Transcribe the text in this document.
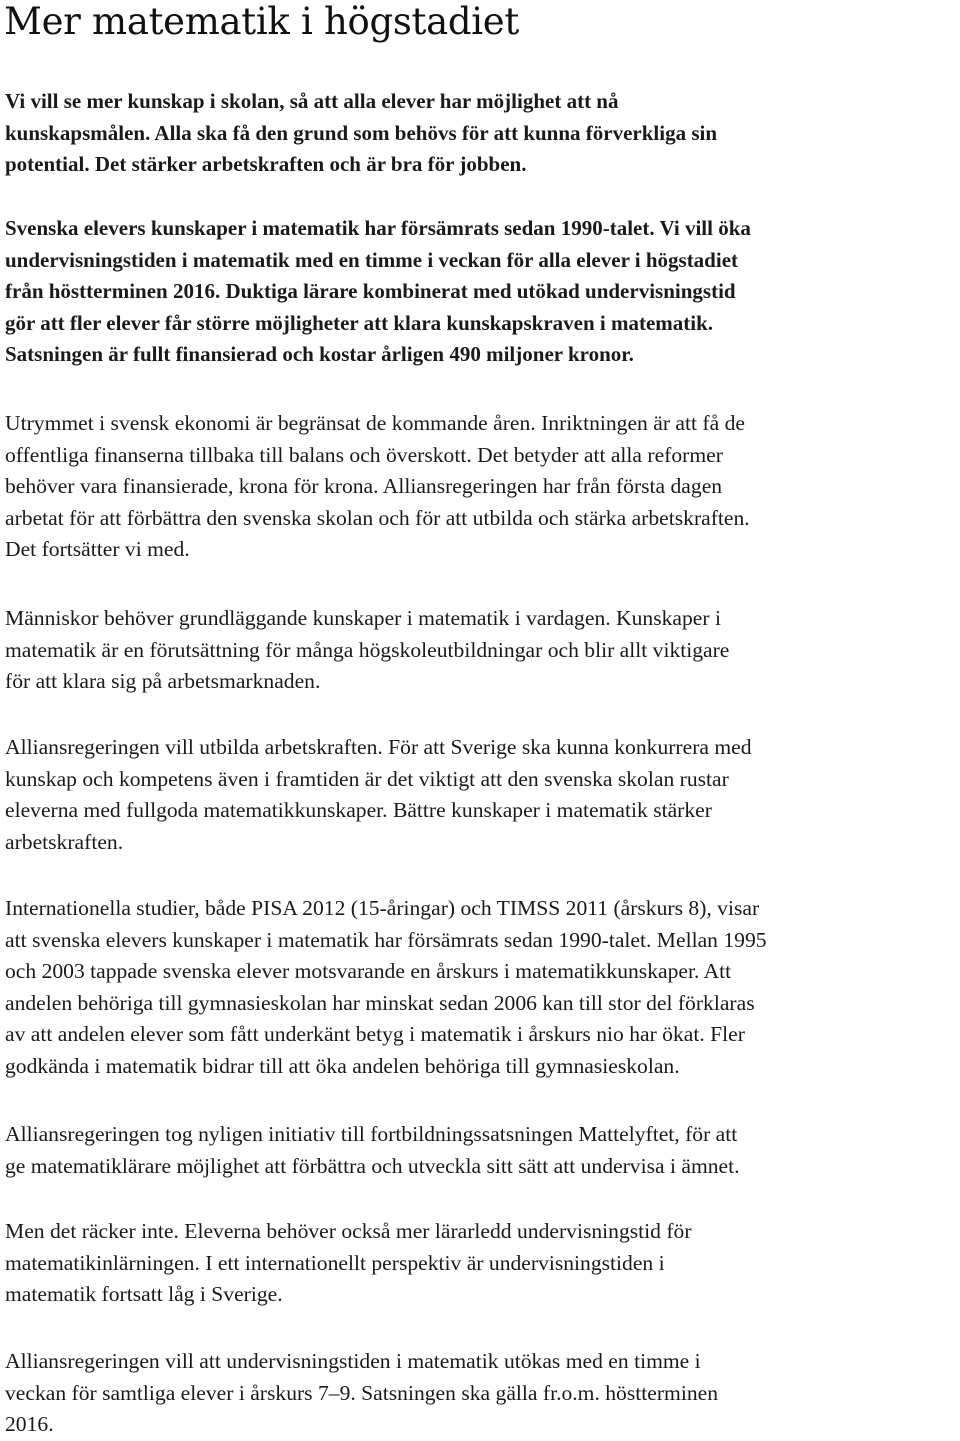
Mer matematik i högstadiet

Vi vill se mer kunskap i skolan, så att alla elever har möjlighet att nå
kunskapsmålen. Alla ska få den grund som behövs för att kunna förverkliga sin
potential. Det stärker arbetskraften och är bra för jobben.

Svenska elevers kunskaper i matematik har försämrats sedan 1990-talet. Vi vill öka
undervisningstiden i matematik med en timme i veckan för alla elever i högstadiet
från höstterminen 2016. Duktiga lärare kombinerat med utökad undervisningstid
gör att fler elever får större möjligheter att klara kunskapskraven i matematik.
Satsningen är fullt finansierad och kostar årligen 490 miljoner kronor.

Utrymmet i svensk ekonomi är begränsat de kommande åren. Inriktningen är att få de
offentliga finanserna tillbaka till balans och överskott. Det betyder att alla reformer
behöver vara finansierade, krona för krona. Alliansregeringen har från första dagen
arbetat för att förbättra den svenska skolan och för att utbilda och stärka arbetskraften.
Det fortsätter vi med.

Människor behöver grundläggande kunskaper i matematik i vardagen. Kunskaper i
matematik är en förutsättning för många högskoleutbildningar och blir allt viktigare
för att klara sig på arbetsmarknaden.

Alliansregeringen vill utbilda arbetskraften. För att Sverige ska kunna konkurrera med
kunskap och kompetens även i framtiden är det viktigt att den svenska skolan rustar
eleverna med fullgoda matematikkunskaper. Bättre kunskaper i matematik stärker
arbetskraften.

Internationella studier, både PISA 2012 (15-åringar) och TIMSS 2011 (årskurs 8), visar
att svenska elevers kunskaper i matematik har försämrats sedan 1990-talet. Mellan 1995
och 2003 tappade svenska elever motsvarande en årskurs i matematikkunskaper. Att
andelen behöriga till gymnasieskolan har minskat sedan 2006 kan till stor del förklaras
av att andelen elever som fått underkänt betyg i matematik i årskurs nio har ökat. Fler
godkända i matematik bidrar till att öka andelen behöriga till gymnasieskolan.

Alliansregeringen tog nyligen initiativ till fortbildningssatsningen Mattelyftet, för att
ge matematiklärare möjlighet att förbättra och utveckla sitt sätt att undervisa i ämnet.

Men det räcker inte. Eleverna behöver också mer lärarledd undervisningstid för
matematikinlärningen. I ett internationellt perspektiv är undervisningstiden i
matematik fortsatt låg i Sverige.

Alliansregeringen vill att undervisningstiden i matematik utökas med en timme i
veckan för samtliga elever i årskurs 7–9. Satsningen ska gälla fr.o.m. höstterminen
2016.
